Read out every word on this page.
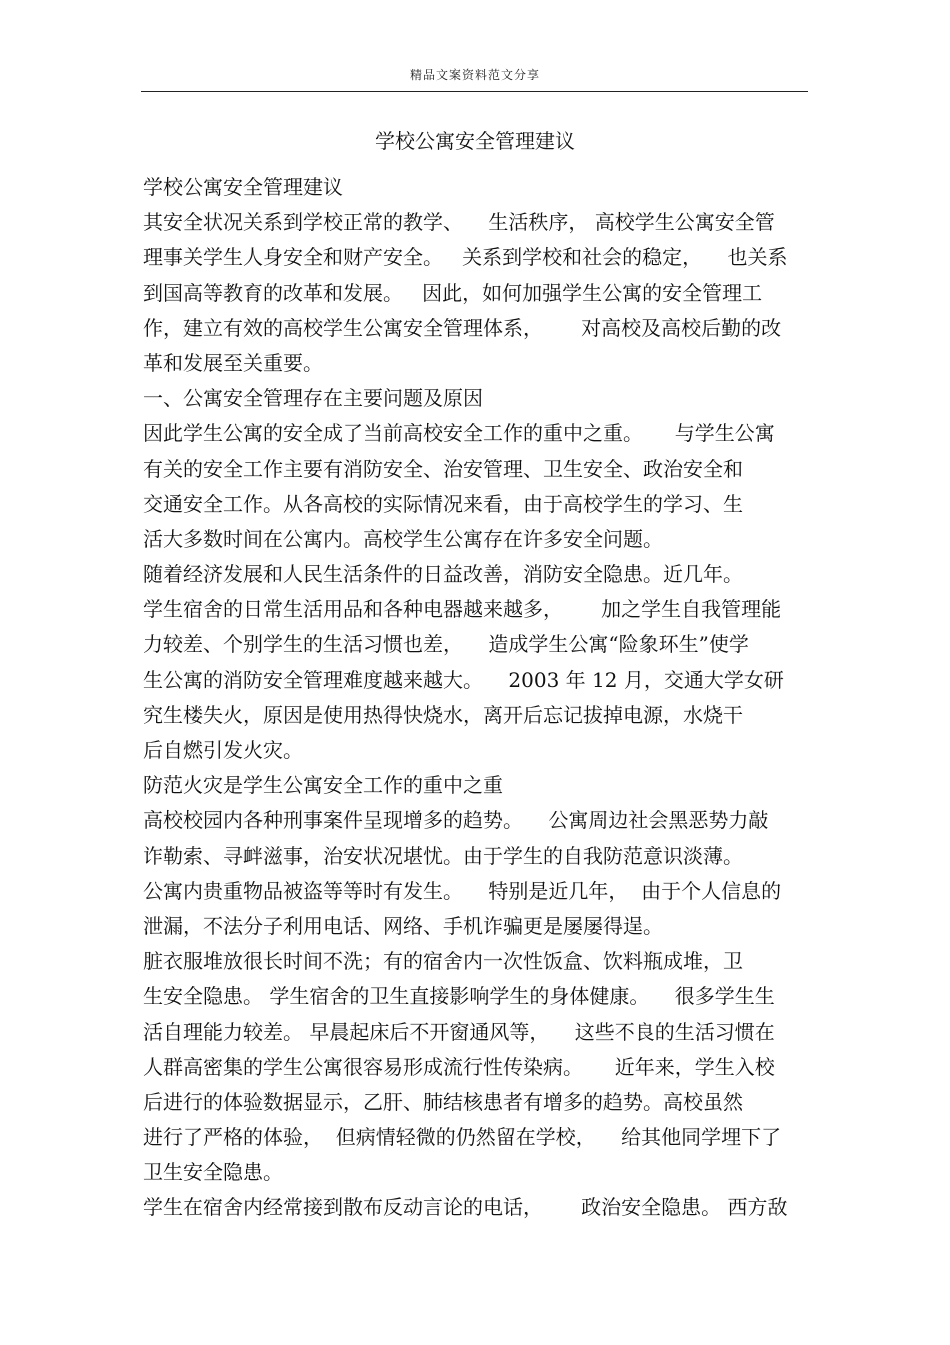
精品文案资料范文分享
学校公寓安全管理建议
学校公寓安全管理建议
其安全状况关系到学校正常的教学、    生活秩序， 高校学生公寓安全管
理事关学生人身安全和财产安全。   关系到学校和社会的稳定，    也关系
到国高等教育的改革和发展。   因此，如何加强学生公寓的安全管理工
作，建立有效的高校学生公寓安全管理体系，      对高校及高校后勤的改
革和发展至关重要。
一、公寓安全管理存在主要问题及原因
因此学生公寓的安全成了当前高校安全工作的重中之重。     与学生公寓
有关的安全工作主要有消防安全、治安管理、卫生安全、政治安全和
交通安全工作。从各高校的实际情况来看，由于高校学生的学习、生
活大多数时间在公寓内。高校学生公寓存在许多安全问题。
随着经济发展和人民生活条件的日益改善，消防安全隐患。近几年。
学生宿舍的日常生活用品和各种电器越来越多，      加之学生自我管理能
力较差、个别学生的生活习惯也差，    造成学生公寓“险象环生”使学
生公寓的消防安全管理难度越来越大。    2003 年 12 月，交通大学女研
究生楼失火，原因是使用热得快烧水，离开后忘记拔掉电源，水烧干
后自燃引发火灾。
防范火灾是学生公寓安全工作的重中之重
高校校园内各种刑事案件呈现增多的趋势。    公寓周边社会黑恶势力敲
诈勒索、寻衅滋事，治安状况堪忧。由于学生的自我防范意识淡薄。
公寓内贵重物品被盗等等时有发生。    特别是近几年，  由于个人信息的
泄漏，不法分子利用电话、网络、手机诈骗更是屡屡得逞。
脏衣服堆放很长时间不洗；有的宿舍内一次性饭盒、饮料瓶成堆，卫
生安全隐患。 学生宿舍的卫生直接影响学生的身体健康。    很多学生生
活自理能力较差。 早晨起床后不开窗通风等，    这些不良的生活习惯在
人群高密集的学生公寓很容易形成流行性传染病。     近年来，学生入校
后进行的体验数据显示，乙肝、肺结核患者有增多的趋势。高校虽然
进行了严格的体验，  但病情轻微的仍然留在学校，    给其他同学埋下了
卫生安全隐患。
学生在宿舍内经常接到散布反动言论的电话，      政治安全隐患。 西方敌
